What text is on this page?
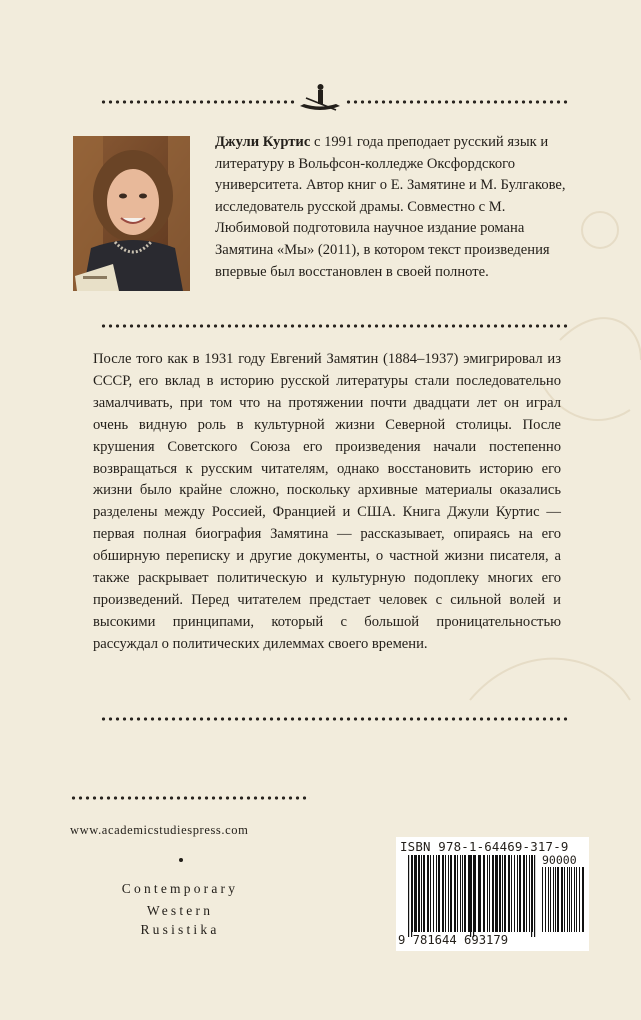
Джули Куртис с 1991 года преподает русский язык и литературу в Вольфсон-колледже Оксфордского университета. Автор книг о Е. Замятине и М. Булгакове, исследователь русской драмы. Совместно с М. Любимовой подготовила научное издание романа Замятина «Мы» (2011), в котором текст произведения впервые был восстановлен в своей полноте.
После того как в 1931 году Евгений Замятин (1884–1937) эмигрировал из СССР, его вклад в историю русской литературы стали последовательно замалчивать, при том что на протяжении почти двадцати лет он играл очень видную роль в культурной жизни Северной столицы. После крушения Советского Союза его произведения начали постепенно возвращаться к русским читателям, однако восстановить историю его жизни было крайне сложно, поскольку архивные материалы оказались разделены между Россией, Францией и США. Книга Джули Куртис — первая полная биография Замятина — рассказывает, опираясь на его обширную переписку и другие документы, о частной жизни писателя, а также раскрывает политическую и культурную подоплеку многих его произведений. Перед читателем предстает человек с сильной волей и высокими принципами, который с большой проницательностью рассуждал о политических дилеммах своего времени.
www.academicstudiespress.com
Contemporary
Western
Rusistika
ISBN 978-1-64469-317-9
90000
9 781644 693179
